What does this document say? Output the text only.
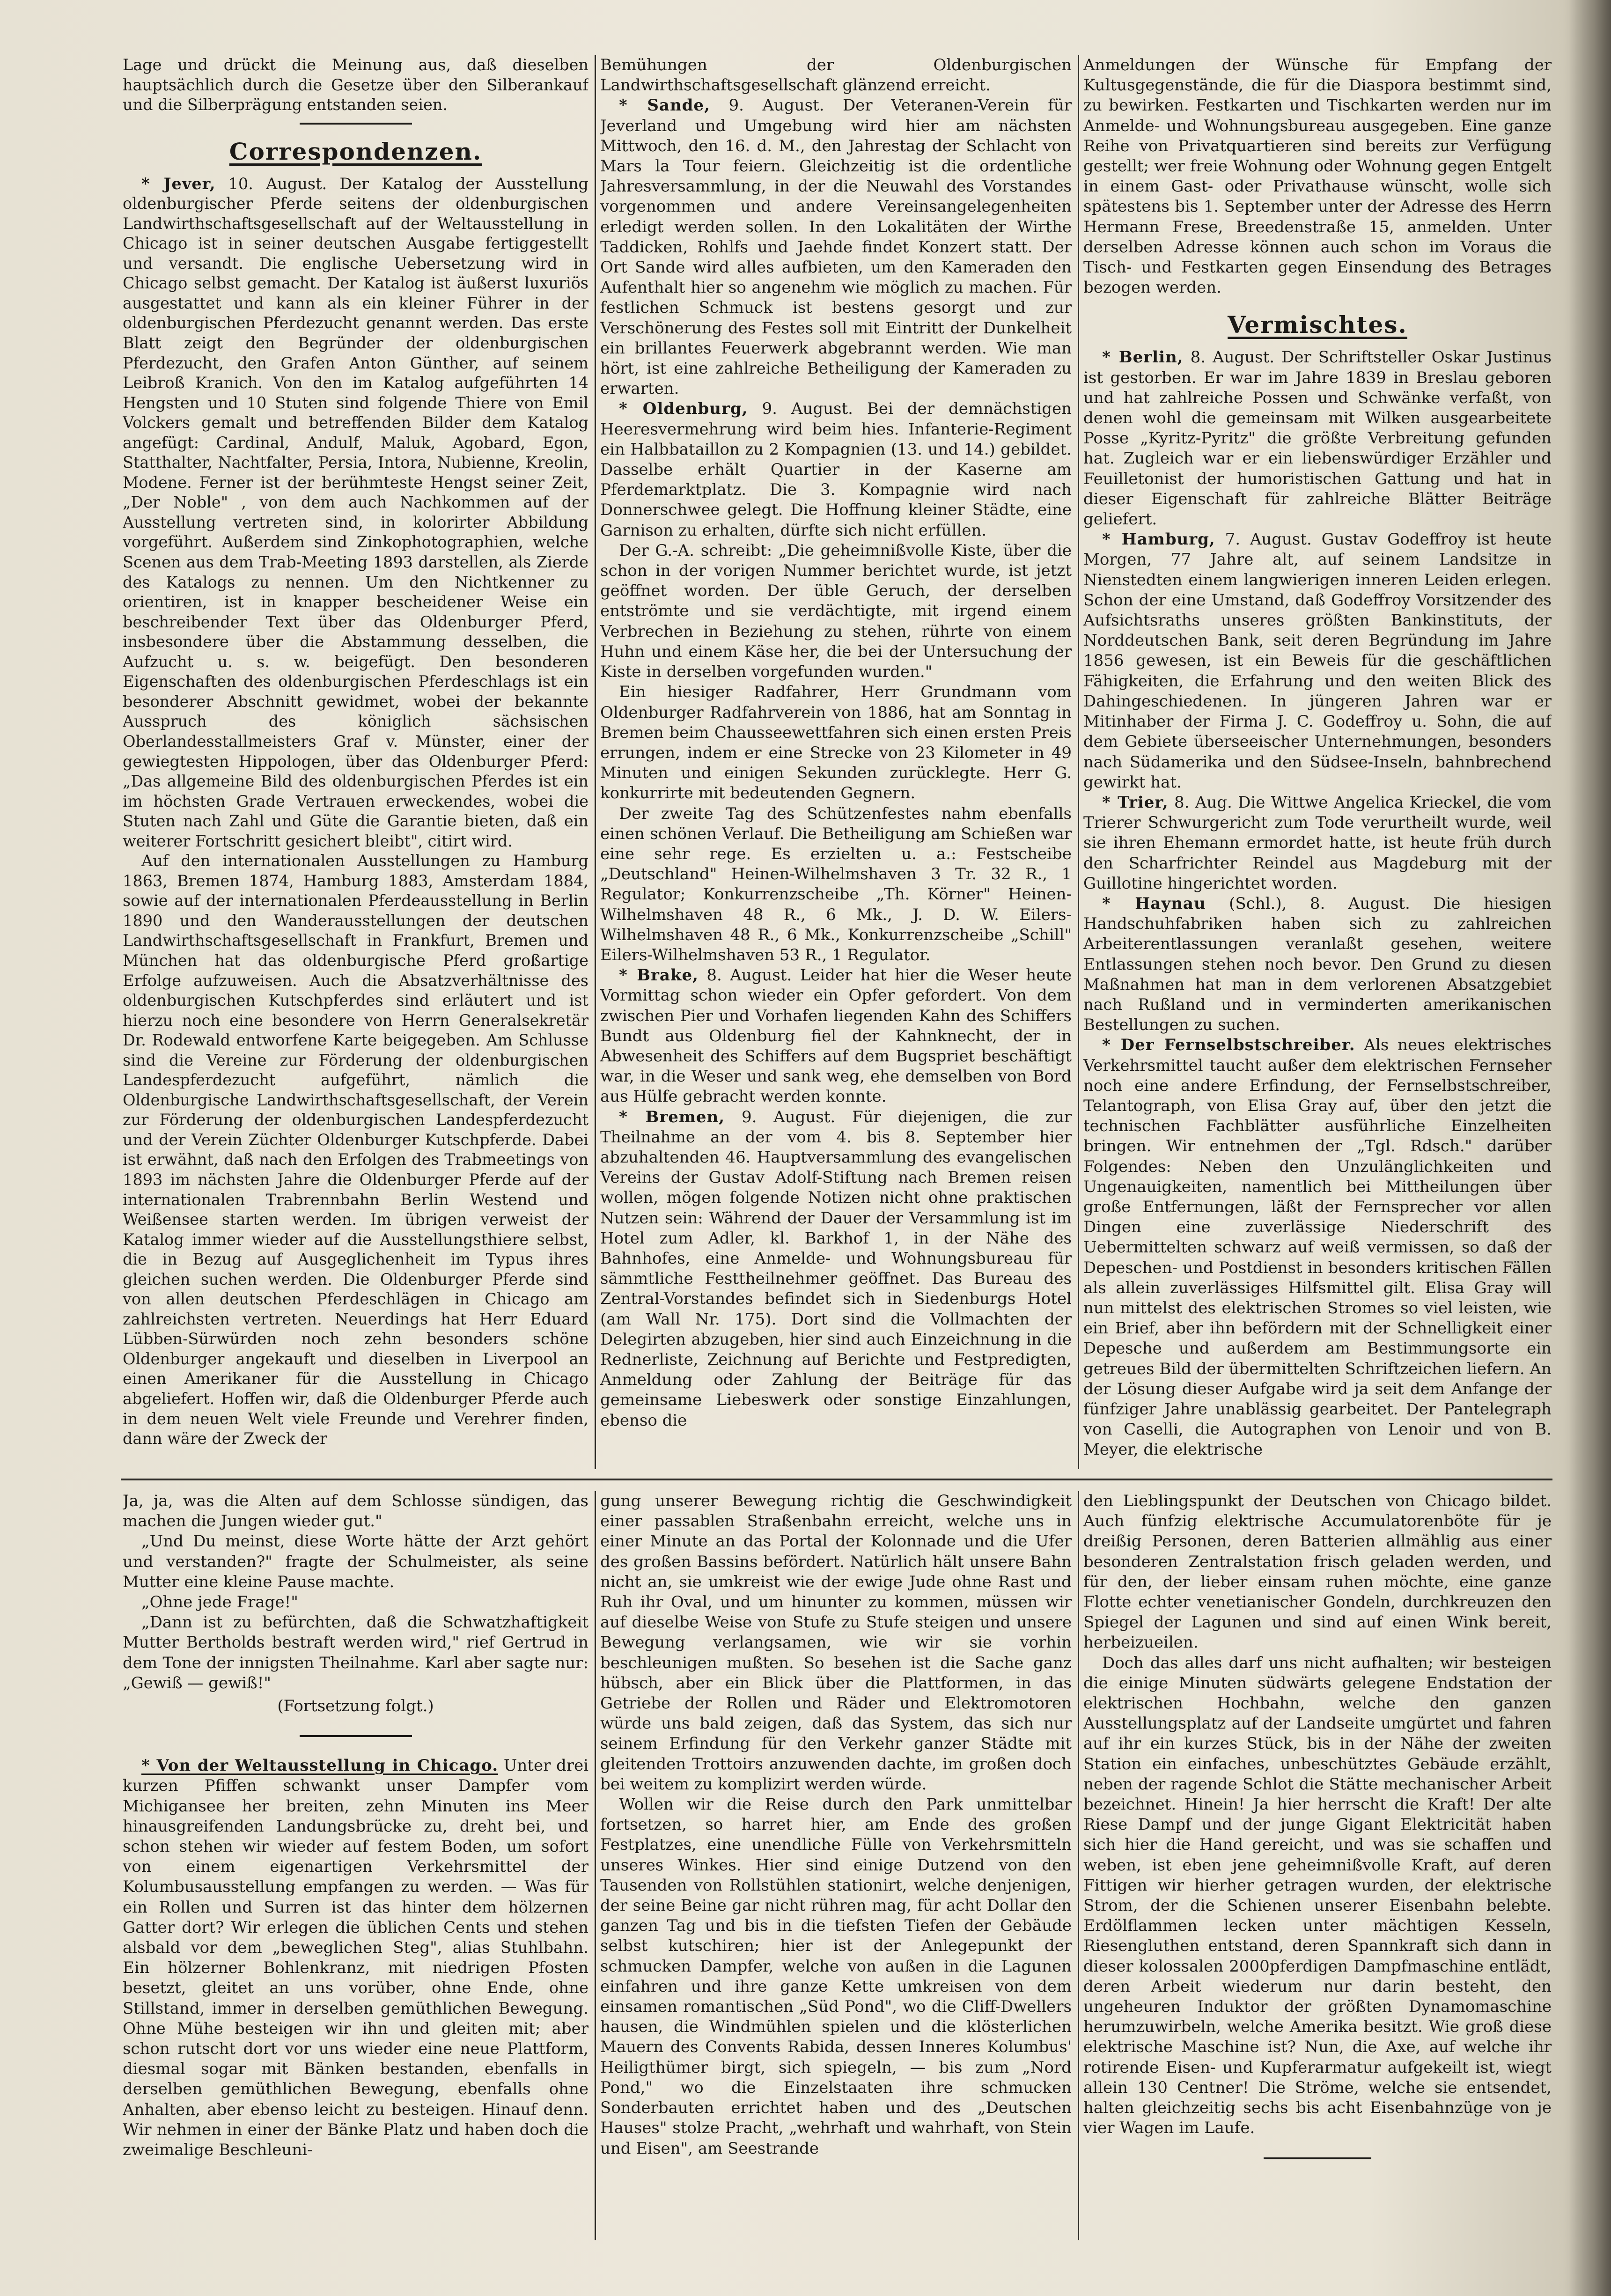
Lage und drückt die Meinung aus, daß dieselben hauptsächlich durch die Gesetze über den Silberankauf und die Silberprägung entstanden seien.

Correspondenzen.

* Jever, 10. August. Der Katalog der Ausstellung oldenburgischer Pferde seitens der oldenburgischen Landwirthschaftsgesellschaft auf der Weltausstellung in Chicago ist in seiner deutschen Ausgabe fertiggestellt und versandt. Die englische Uebersetzung wird in Chicago selbst gemacht. Der Katalog ist äußerst luxuriös ausgestattet und kann als ein kleiner Führer in der oldenburgischen Pferdezucht genannt werden. Das erste Blatt zeigt den Begründer der oldenburgischen Pferdezucht, den Grafen Anton Günther, auf seinem Leibroß Kranich. Von den im Katalog aufgeführten 14 Hengsten und 10 Stuten sind folgende Thiere von Emil Volckers gemalt und betreffenden Bilder dem Katalog angefügt: Cardinal, Andulf, Maluk, Agobard, Egon, Statthalter, Nachtfalter, Persia, Intora, Nubienne, Kreolin, Modene. Ferner ist der berühmteste Hengst seiner Zeit, „Der Noble" , von dem auch Nachkommen auf der Ausstellung vertreten sind, in kolorirter Abbildung vorgeführt. Außerdem sind Zinkophotographien, welche Scenen aus dem Trab-Meeting 1893 darstellen, als Zierde des Katalogs zu nennen. Um den Nichtkenner zu orientiren, ist in knapper bescheidener Weise ein beschreibender Text über das Oldenburger Pferd, insbesondere über die Abstammung desselben, die Aufzucht u. s. w. beigefügt. Den besonderen Eigenschaften des oldenburgischen Pferdeschlags ist ein besonderer Abschnitt gewidmet, wobei der bekannte Ausspruch des königlich sächsischen Oberlandesstallmeisters Graf v. Münster, einer der gewiegtesten Hippologen, über das Oldenburger Pferd: „Das allgemeine Bild des oldenburgischen Pferdes ist ein im höchsten Grade Vertrauen erweckendes, wobei die Stuten nach Zahl und Güte die Garantie bieten, daß ein weiterer Fortschritt gesichert bleibt", citirt wird.

Auf den internationalen Ausstellungen zu Hamburg 1863, Bremen 1874, Hamburg 1883, Amsterdam 1884, sowie auf der internationalen Pferdeausstellung in Berlin 1890 und den Wanderausstellungen der deutschen Landwirthschaftsgesellschaft in Frankfurt, Bremen und München hat das oldenburgische Pferd großartige Erfolge aufzuweisen. Auch die Absatzverhältnisse des oldenburgischen Kutschpferdes sind erläutert und ist hierzu noch eine besondere von Herrn Generalsekretär Dr. Rodewald entworfene Karte beigegeben. Am Schlusse sind die Vereine zur Förderung der oldenburgischen Landespferdezucht aufgeführt, nämlich die Oldenburgische Landwirthschaftsgesellschaft, der Verein zur Förderung der oldenburgischen Landespferdezucht und der Verein Züchter Oldenburger Kutschpferde. Dabei ist erwähnt, daß nach den Erfolgen des Trabmeetings von 1893 im nächsten Jahre die Oldenburger Pferde auf der internationalen Trabrennbahn Berlin Westend und Weißensee starten werden. Im übrigen verweist der Katalog immer wieder auf die Ausstellungsthiere selbst, die in Bezug auf Ausgeglichenheit im Typus ihres gleichen suchen werden. Die Oldenburger Pferde sind von allen deutschen Pferdeschlägen in Chicago am zahlreichsten vertreten. Neuerdings hat Herr Eduard Lübben-Sürwürden noch zehn besonders schöne Oldenburger angekauft und dieselben in Liverpool an einen Amerikaner für die Ausstellung in Chicago abgeliefert. Hoffen wir, daß die Oldenburger Pferde auch in dem neuen Welt viele Freunde und Verehrer finden, dann wäre der Zweck der

Bemühungen der Oldenburgischen Landwirthschaftsgesellschaft glänzend erreicht.

* Sande, 9. August. Der Veteranen-Verein für Jeverland und Umgebung wird hier am nächsten Mittwoch, den 16. d. M., den Jahrestag der Schlacht von Mars la Tour feiern. Gleichzeitig ist die ordentliche Jahresversammlung, in der die Neuwahl des Vorstandes vorgenommen und andere Vereinsangelegenheiten erledigt werden sollen. In den Lokalitäten der Wirthe Taddicken, Rohlfs und Jaehde findet Konzert statt. Der Ort Sande wird alles aufbieten, um den Kameraden den Aufenthalt hier so angenehm wie möglich zu machen. Für festlichen Schmuck ist bestens gesorgt und zur Verschönerung des Festes soll mit Eintritt der Dunkelheit ein brillantes Feuerwerk abgebrannt werden. Wie man hört, ist eine zahlreiche Betheiligung der Kameraden zu erwarten.

* Oldenburg, 9. August. Bei der demnächstigen Heeresvermehrung wird beim hies. Infanterie-Regiment ein Halbbataillon zu 2 Kompagnien (13. und 14.) gebildet. Dasselbe erhält Quartier in der Kaserne am Pferdemarktplatz. Die 3. Kompagnie wird nach Donnerschwee gelegt. Die Hoffnung kleiner Städte, eine Garnison zu erhalten, dürfte sich nicht erfüllen.

Der G.-A. schreibt: „Die geheimnißvolle Kiste, über die schon in der vorigen Nummer berichtet wurde, ist jetzt geöffnet worden. Der üble Geruch, der derselben entströmte und sie verdächtigte, mit irgend einem Verbrechen in Beziehung zu stehen, rührte von einem Huhn und einem Käse her, die bei der Untersuchung der Kiste in derselben vorgefunden wurden."

Ein hiesiger Radfahrer, Herr Grundmann vom Oldenburger Radfahrverein von 1886, hat am Sonntag in Bremen beim Chausseewettfahren sich einen ersten Preis errungen, indem er eine Strecke von 23 Kilometer in 49 Minuten und einigen Sekunden zurücklegte. Herr G. konkurrirte mit bedeutenden Gegnern.

Der zweite Tag des Schützenfestes nahm ebenfalls einen schönen Verlauf. Die Betheiligung am Schießen war eine sehr rege. Es erzielten u. a.: Festscheibe „Deutschland" Heinen-Wilhelmshaven 3 Tr. 32 R., 1 Regulator; Konkurrenzscheibe „Th. Körner" Heinen-Wilhelmshaven 48 R., 6 Mk., J. D. W. Eilers-Wilhelmshaven 48 R., 6 Mk., Konkurrenzscheibe „Schill" Eilers-Wilhelmshaven 53 R., 1 Regulator.

* Brake, 8. August. Leider hat hier die Weser heute Vormittag schon wieder ein Opfer gefordert. Von dem zwischen Pier und Vorhafen liegenden Kahn des Schiffers Bundt aus Oldenburg fiel der Kahnknecht, der in Abwesenheit des Schiffers auf dem Bugspriet beschäftigt war, in die Weser und sank weg, ehe demselben von Bord aus Hülfe gebracht werden konnte.

* Bremen, 9. August. Für diejenigen, die zur Theilnahme an der vom 4. bis 8. September hier abzuhaltenden 46. Hauptversammlung des evangelischen Vereins der Gustav Adolf-Stiftung nach Bremen reisen wollen, mögen folgende Notizen nicht ohne praktischen Nutzen sein: Während der Dauer der Versammlung ist im Hotel zum Adler, kl. Barkhof 1, in der Nähe des Bahnhofes, eine Anmelde- und Wohnungsbureau für sämmtliche Festtheilnehmer geöffnet. Das Bureau des Zentral-Vorstandes befindet sich in Siedenburgs Hotel (am Wall Nr. 175). Dort sind die Vollmachten der Delegirten abzugeben, hier sind auch Einzeichnung in die Rednerliste, Zeichnung auf Berichte und Festpredigten, Anmeldung oder Zahlung der Beiträge für das gemeinsame Liebeswerk oder sonstige Einzahlungen, ebenso die

Anmeldungen der Wünsche für Empfang der Kultusgegenstände, die für die Diaspora bestimmt sind, zu bewirken. Festkarten und Tischkarten werden nur im Anmelde- und Wohnungsbureau ausgegeben. Eine ganze Reihe von Privatquartieren sind bereits zur Verfügung gestellt; wer freie Wohnung oder Wohnung gegen Entgelt in einem Gast- oder Privathause wünscht, wolle sich spätestens bis 1. September unter der Adresse des Herrn Hermann Frese, Breedenstraße 15, anmelden. Unter derselben Adresse können auch schon im Voraus die Tisch- und Festkarten gegen Einsendung des Betrages bezogen werden.

Vermischtes.

* Berlin, 8. August. Der Schriftsteller Oskar Justinus ist gestorben. Er war im Jahre 1839 in Breslau geboren und hat zahlreiche Possen und Schwänke verfaßt, von denen wohl die gemeinsam mit Wilken ausgearbeitete Posse „Kyritz-Pyritz" die größte Verbreitung gefunden hat. Zugleich war er ein liebenswürdiger Erzähler und Feuilletonist der humoristischen Gattung und hat in dieser Eigenschaft für zahlreiche Blätter Beiträge geliefert.

* Hamburg, 7. August. Gustav Godeffroy ist heute Morgen, 77 Jahre alt, auf seinem Landsitze in Nienstedten einem langwierigen inneren Leiden erlegen. Schon der eine Umstand, daß Godeffroy Vorsitzender des Aufsichtsraths unseres größten Bankinstituts, der Norddeutschen Bank, seit deren Begründung im Jahre 1856 gewesen, ist ein Beweis für die geschäftlichen Fähigkeiten, die Erfahrung und den weiten Blick des Dahingeschiedenen. In jüngeren Jahren war er Mitinhaber der Firma J. C. Godeffroy u. Sohn, die auf dem Gebiete überseeischer Unternehmungen, besonders nach Südamerika und den Südsee-Inseln, bahnbrechend gewirkt hat.

* Trier, 8. Aug. Die Wittwe Angelica Krieckel, die vom Trierer Schwurgericht zum Tode verurtheilt wurde, weil sie ihren Ehemann ermordet hatte, ist heute früh durch den Scharfrichter Reindel aus Magdeburg mit der Guillotine hingerichtet worden.

* Haynau (Schl.), 8. August. Die hiesigen Handschuhfabriken haben sich zu zahlreichen Arbeiterentlassungen veranlaßt gesehen, weitere Entlassungen stehen noch bevor. Den Grund zu diesen Maßnahmen hat man in dem verlorenen Absatzgebiet nach Rußland und in verminderten amerikanischen Bestellungen zu suchen.

* Der Fernselbstschreiber. Als neues elektrisches Verkehrsmittel taucht außer dem elektrischen Fernseher noch eine andere Erfindung, der Fernselbstschreiber, Telantograph, von Elisa Gray auf, über den jetzt die technischen Fachblätter ausführliche Einzelheiten bringen. Wir entnehmen der „Tgl. Rdsch." darüber Folgendes: Neben den Unzulänglichkeiten und Ungenauigkeiten, namentlich bei Mittheilungen über große Entfernungen, läßt der Fernsprecher vor allen Dingen eine zuverlässige Niederschrift des Uebermittelten schwarz auf weiß vermissen, so daß der Depeschen- und Postdienst in besonders kritischen Fällen als allein zuverlässiges Hilfsmittel gilt. Elisa Gray will nun mittelst des elektrischen Stromes so viel leisten, wie ein Brief, aber ihn befördern mit der Schnelligkeit einer Depesche und außerdem am Bestimmungsorte ein getreues Bild der übermittelten Schriftzeichen liefern. An der Lösung dieser Aufgabe wird ja seit dem Anfange der fünfziger Jahre unablässig gearbeitet. Der Pantelegraph von Caselli, die Autographen von Lenoir und von B. Meyer, die elektrische

Ja, ja, was die Alten auf dem Schlosse sündigen, das machen die Jungen wieder gut."

„Und Du meinst, diese Worte hätte der Arzt gehört und verstanden?" fragte der Schulmeister, als seine Mutter eine kleine Pause machte.

„Ohne jede Frage!"

„Dann ist zu befürchten, daß die Schwatzhaftigkeit Mutter Bertholds bestraft werden wird," rief Gertrud in dem Tone der innigsten Theilnahme. Karl aber sagte nur: „Gewiß — gewiß!"

(Fortsetzung folgt.)

* Von der Weltausstellung in Chicago. Unter drei kurzen Pfiffen schwankt unser Dampfer vom Michigansee her breiten, zehn Minuten ins Meer hinausgreifenden Landungsbrücke zu, dreht bei, und schon stehen wir wieder auf festem Boden, um sofort von einem eigenartigen Verkehrsmittel der Kolumbusausstellung empfangen zu werden. — Was für ein Rollen und Surren ist das hinter dem hölzernen Gatter dort? Wir erlegen die üblichen Cents und stehen alsbald vor dem „beweglichen Steg", alias Stuhlbahn. Ein hölzerner Bohlenkranz, mit niedrigen Pfosten besetzt, gleitet an uns vorüber, ohne Ende, ohne Stillstand, immer in derselben gemüthlichen Bewegung. Ohne Mühe besteigen wir ihn und gleiten mit; aber schon rutscht dort vor uns wieder eine neue Plattform, diesmal sogar mit Bänken bestanden, ebenfalls in derselben gemüthlichen Bewegung, ebenfalls ohne Anhalten, aber ebenso leicht zu besteigen. Hinauf denn. Wir nehmen in einer der Bänke Platz und haben doch die zweimalige Beschleuni-

gung unserer Bewegung richtig die Geschwindigkeit einer passablen Straßenbahn erreicht, welche uns in einer Minute an das Portal der Kolonnade und die Ufer des großen Bassins befördert. Natürlich hält unsere Bahn nicht an, sie umkreist wie der ewige Jude ohne Rast und Ruh ihr Oval, und um hinunter zu kommen, müssen wir auf dieselbe Weise von Stufe zu Stufe steigen und unsere Bewegung verlangsamen, wie wir sie vorhin beschleunigen mußten. So besehen ist die Sache ganz hübsch, aber ein Blick über die Plattformen, in das Getriebe der Rollen und Räder und Elektromotoren würde uns bald zeigen, daß das System, das sich nur seinem Erfindung für den Verkehr ganzer Städte mit gleitenden Trottoirs anzuwenden dachte, im großen doch bei weitem zu komplizirt werden würde.

Wollen wir die Reise durch den Park unmittelbar fortsetzen, so harret hier, am Ende des großen Festplatzes, eine unendliche Fülle von Verkehrsmitteln unseres Winkes. Hier sind einige Dutzend von den Tausenden von Rollstühlen stationirt, welche denjenigen, der seine Beine gar nicht rühren mag, für acht Dollar den ganzen Tag und bis in die tiefsten Tiefen der Gebäude selbst kutschiren; hier ist der Anlegepunkt der schmucken Dampfer, welche von außen in die Lagunen einfahren und ihre ganze Kette umkreisen von dem einsamen romantischen „Süd Pond", wo die Cliff-Dwellers hausen, die Windmühlen spielen und die klösterlichen Mauern des Convents Rabida, dessen Inneres Kolumbus' Heiligthümer birgt, sich spiegeln, — bis zum „Nord Pond," wo die Einzelstaaten ihre schmucken Sonderbauten errichtet haben und des „Deutschen Hauses" stolze Pracht, „wehrhaft und wahrhaft, von Stein und Eisen", am Seestrande

den Lieblingspunkt der Deutschen von Chicago bildet. Auch fünfzig elektrische Accumulatorenböte für je dreißig Personen, deren Batterien allmählig aus einer besonderen Zentralstation frisch geladen werden, und für den, der lieber einsam ruhen möchte, eine ganze Flotte echter venetianischer Gondeln, durchkreuzen den Spiegel der Lagunen und sind auf einen Wink bereit, herbeizueilen.

Doch das alles darf uns nicht aufhalten; wir besteigen die einige Minuten südwärts gelegene Endstation der elektrischen Hochbahn, welche den ganzen Ausstellungsplatz auf der Landseite umgürtet und fahren auf ihr ein kurzes Stück, bis in der Nähe der zweiten Station ein einfaches, unbeschütztes Gebäude erzählt, neben der ragende Schlot die Stätte mechanischer Arbeit bezeichnet. Hinein! Ja hier herrscht die Kraft! Der alte Riese Dampf und der junge Gigant Elektricität haben sich hier die Hand gereicht, und was sie schaffen und weben, ist eben jene geheimnißvolle Kraft, auf deren Fittigen wir hierher getragen wurden, der elektrische Strom, der die Schienen unserer Eisenbahn belebte. Erdölflammen lecken unter mächtigen Kesseln, Riesengluthen entstand, deren Spannkraft sich dann in dieser kolossalen 2000pferdigen Dampfmaschine entlädt, deren Arbeit wiederum nur darin besteht, den ungeheuren Induktor der größten Dynamomaschine herumzuwirbeln, welche Amerika besitzt. Wie groß diese elektrische Maschine ist? Nun, die Axe, auf welche ihr rotirende Eisen- und Kupferarmatur aufgekeilt ist, wiegt allein 130 Centner! Die Ströme, welche sie entsendet, halten gleichzeitig sechs bis acht Eisenbahnzüge von je vier Wagen im Laufe.
